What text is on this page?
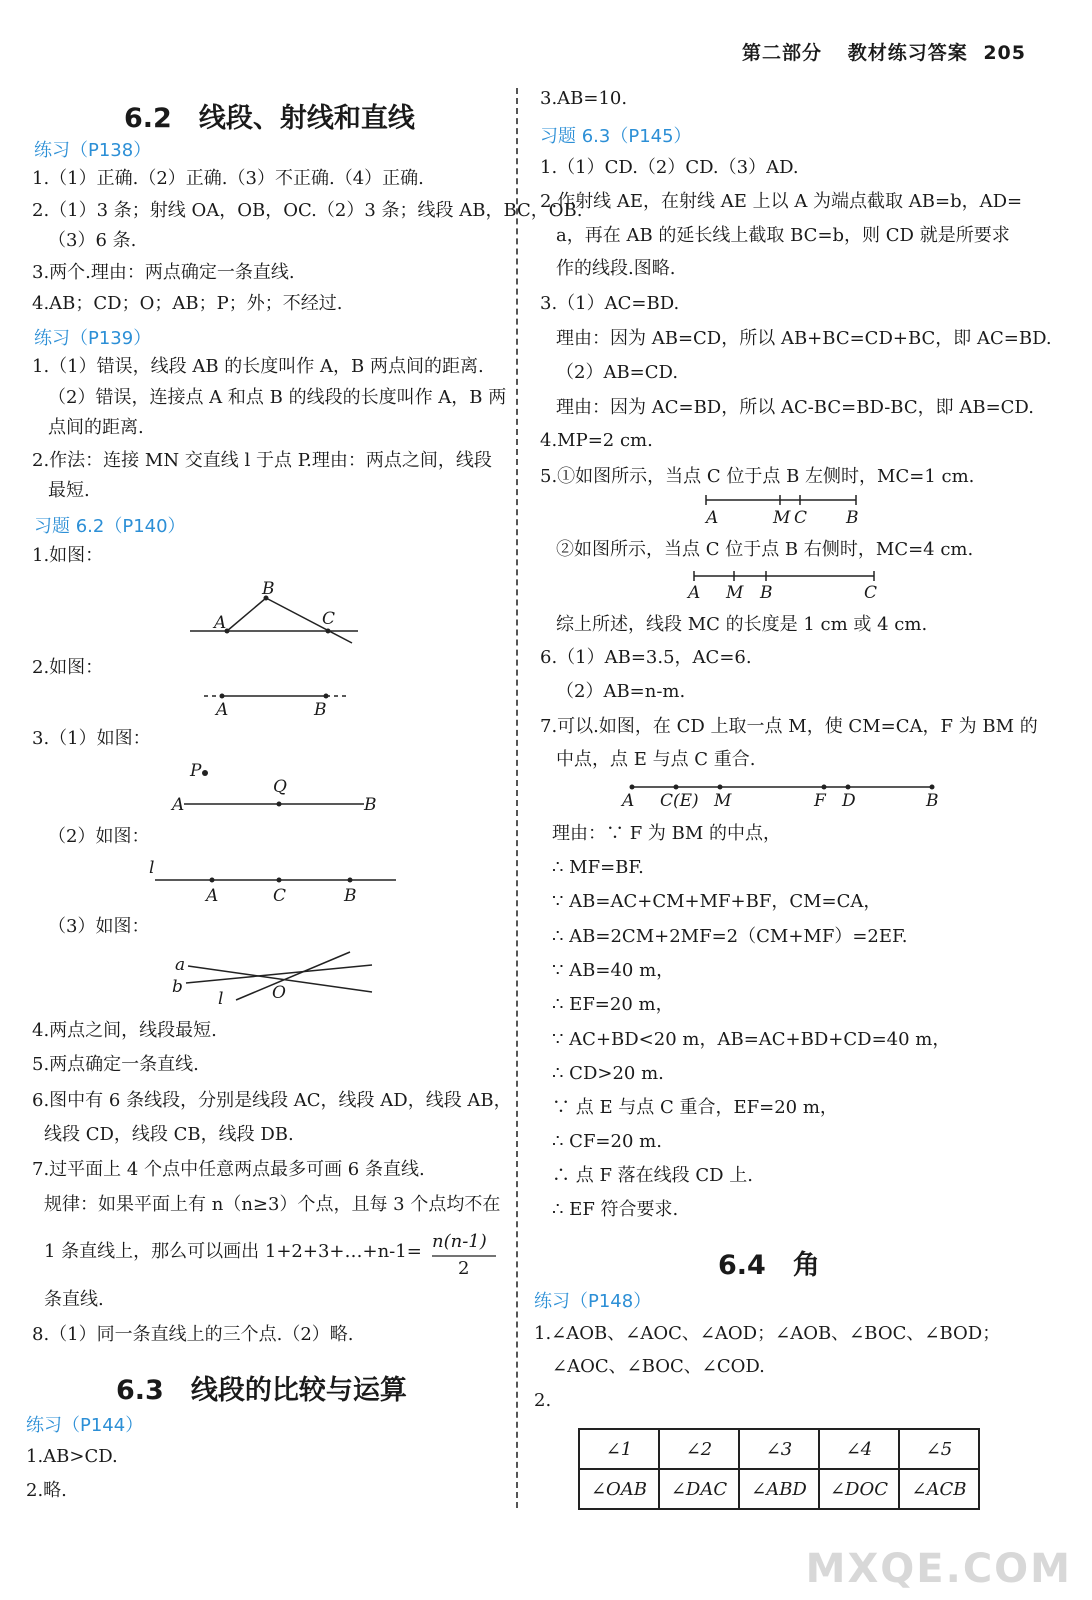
第二部分 教材练习答案 205
6.2　线段、射线和直线
练习（P138）
1.（1）正确.（2）正确.（3）不正确.（4）正确.
2.（1）3 条；射线 OA，OB，OC.（2）3 条；线段 AB，BC，OB.
（3）6 条.
3.两个.理由：两点确定一条直线.
4.AB；CD；O；AB；P；外；不经过.
练习（P139）
1.（1）错误，线段 AB 的长度叫作 A，B 两点间的距离.
（2）错误，连接点 A 和点 B 的线段的长度叫作 A，B 两
点间的距离.
2.作法：连接 MN 交直线 l 于点 P.理由：两点之间，线段
最短.
习题 6.2（P140）
1.如图：
A
B
C
A	B
P
Q
A	B
l
A	C	B
a
b
l	O
A	M C B
A M B	C
A C(E) M	F D	B
2.如图：
3.（1）如图：
（2）如图：
（3）如图：
4.两点之间，线段最短.
5.两点确定一条直线.
6.图中有 6 条线段，分别是线段 AC，线段 AD，线段 AB，
线段 CD，线段 CB，线段 DB.
7.过平面上 4 个点中任意两点最多可画 6 条直线.
规律：如果平面上有 n（n≥3）个点，且每 3 个点均不在
1 条直线上，那么可以画出 1+2+3+…+n-1= n(n-1)
2
条直线.
8.（1）同一条直线上的三个点.（2）略.
6.3　线段的比较与运算
练习（P144）
1.AB>CD.
2.略.
3.AB=10.
习题 6.3（P145）
1.（1）CD.（2）CD.（3）AD.
2.作射线 AE，在射线 AE 上以 A 为端点截取 AB=b，AD=
a，再在 AB 的延长线上截取 BC=b，则 CD 就是所要求
作的线段.图略.
3.（1）AC=BD.
理由：因为 AB=CD，所以 AB+BC=CD+BC，即 AC=BD.
（2）AB=CD.
理由：因为 AC=BD，所以 AC-BC=BD-BC，即 AB=CD.
4.MP=2 cm.
5.①如图所示，当点 C 位于点 B 左侧时，MC=1 cm.
②如图所示，当点 C 位于点 B 右侧时，MC=4 cm.
综上所述，线段 MC 的长度是 1 cm 或 4 cm.
6.（1）AB=3.5，AC=6.
（2）AB=n-m.
7.可以.如图，在 CD 上取一点 M，使 CM=CA，F 为 BM 的
中点，点 E 与点 C 重合.
理由：∵ F 为 BM 的中点，
∴ MF=BF.
∵ AB=AC+CM+MF+BF，CM=CA，
∴ AB=2CM+2MF=2（CM+MF）=2EF.
∵ AB=40 m，
∴ EF=20 m，
∵ AC+BD<20 m，AB=AC+BD+CD=40 m，
∴ CD>20 m.
∵ 点 E 与点 C 重合，EF=20 m，
∴ CF=20 m.
∴ 点 F 落在线段 CD 上.
∴ EF 符合要求.
6.4　角
练习（P148）
1.∠AOB、∠AOC、∠AOD；∠AOB、∠BOC、∠BOD；
∠AOC、∠BOC、∠COD.
2.
∠1	∠2	∠3	∠4	∠5
∠OAB	∠DAC	∠ABD	∠DOC	∠ACB
MXQE.COM
